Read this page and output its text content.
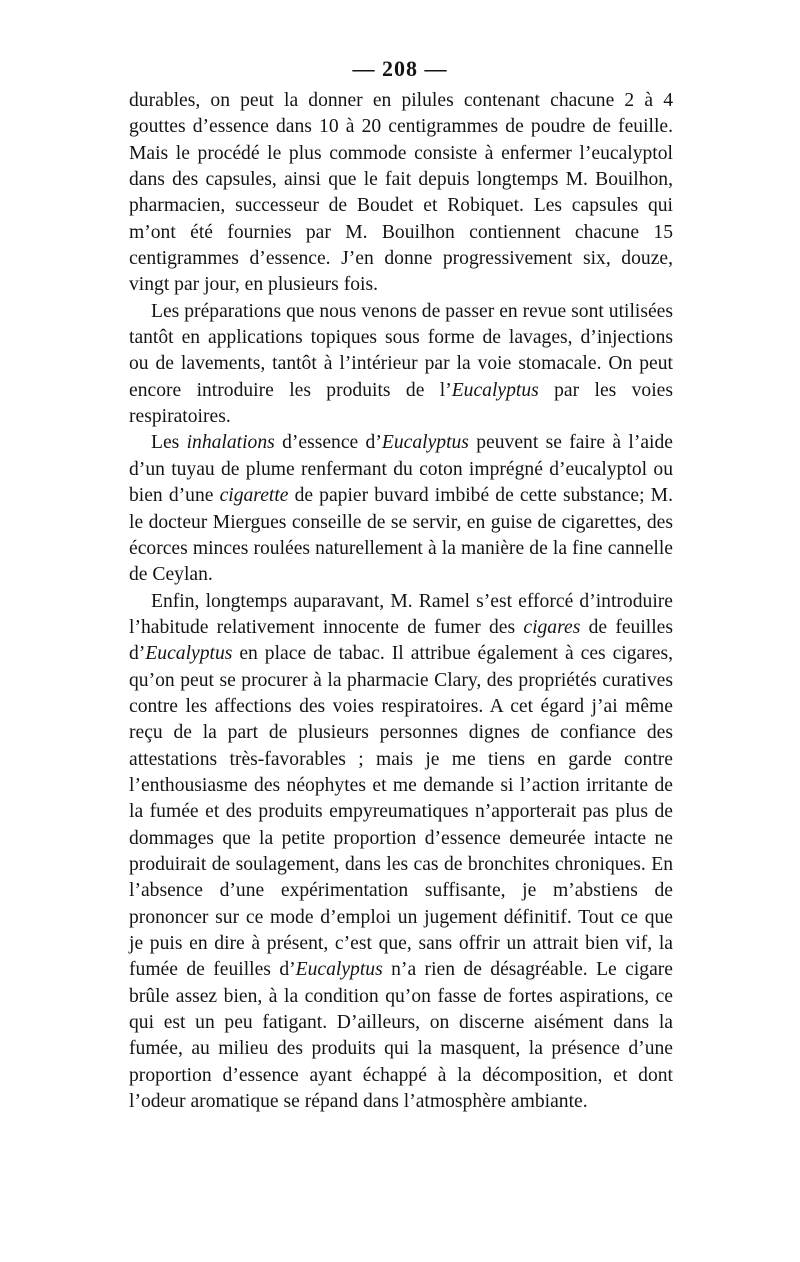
— 208 —

durables, on peut la donner en pilules contenant chacune 2 à 4 gouttes d’essence dans 10 à 20 centigrammes de poudre de feuille. Mais le procédé le plus commode consiste à enfermer l’eucalyptol dans des capsules, ainsi que le fait depuis longtemps M. Bouilhon, pharmacien, successeur de Boudet et Robiquet. Les capsules qui m’ont été fournies par M. Bouilhon contiennent chacune 15 centigrammes d’essence. J’en donne progressivement six, douze, vingt par jour, en plusieurs fois.

Les préparations que nous venons de passer en revue sont utilisées tantôt en applications topiques sous forme de lavages, d’injections ou de lavements, tantôt à l’intérieur par la voie stomacale. On peut encore introduire les produits de l’Eucalyptus par les voies respiratoires.

Les inhalations d’essence d’Eucalyptus peuvent se faire à l’aide d’un tuyau de plume renfermant du coton imprégné d’eucalyptol ou bien d’une cigarette de papier buvard imbibé de cette substance; M. le docteur Miergues conseille de se servir, en guise de cigarettes, des écorces minces roulées naturellement à la manière de la fine cannelle de Ceylan.

Enfin, longtemps auparavant, M. Ramel s’est efforcé d’introduire l’habitude relativement innocente de fumer des cigares de feuilles d’Eucalyptus en place de tabac. Il attribue également à ces cigares, qu’on peut se procurer à la pharmacie Clary, des propriétés curatives contre les affections des voies respiratoires. A cet égard j’ai même reçu de la part de plusieurs personnes dignes de confiance des attestations très-favorables ; mais je me tiens en garde contre l’enthousiasme des néophytes et me demande si l’action irritante de la fumée et des produits empyreumatiques n’apporterait pas plus de dommages que la petite proportion d’essence demeurée intacte ne produirait de soulagement, dans les cas de bronchites chroniques. En l’absence d’une expérimentation suffisante, je m’abstiens de prononcer sur ce mode d’emploi un jugement définitif. Tout ce que je puis en dire à présent, c’est que, sans offrir un attrait bien vif, la fumée de feuilles d’Eucalyptus n’a rien de désagréable. Le cigare brûle assez bien, à la condition qu’on fasse de fortes aspirations, ce qui est un peu fatigant. D’ailleurs, on discerne aisément dans la fumée, au milieu des produits qui la masquent, la présence d’une proportion d’essence ayant échappé à la décomposition, et dont l’odeur aromatique se répand dans l’atmosphère ambiante.
